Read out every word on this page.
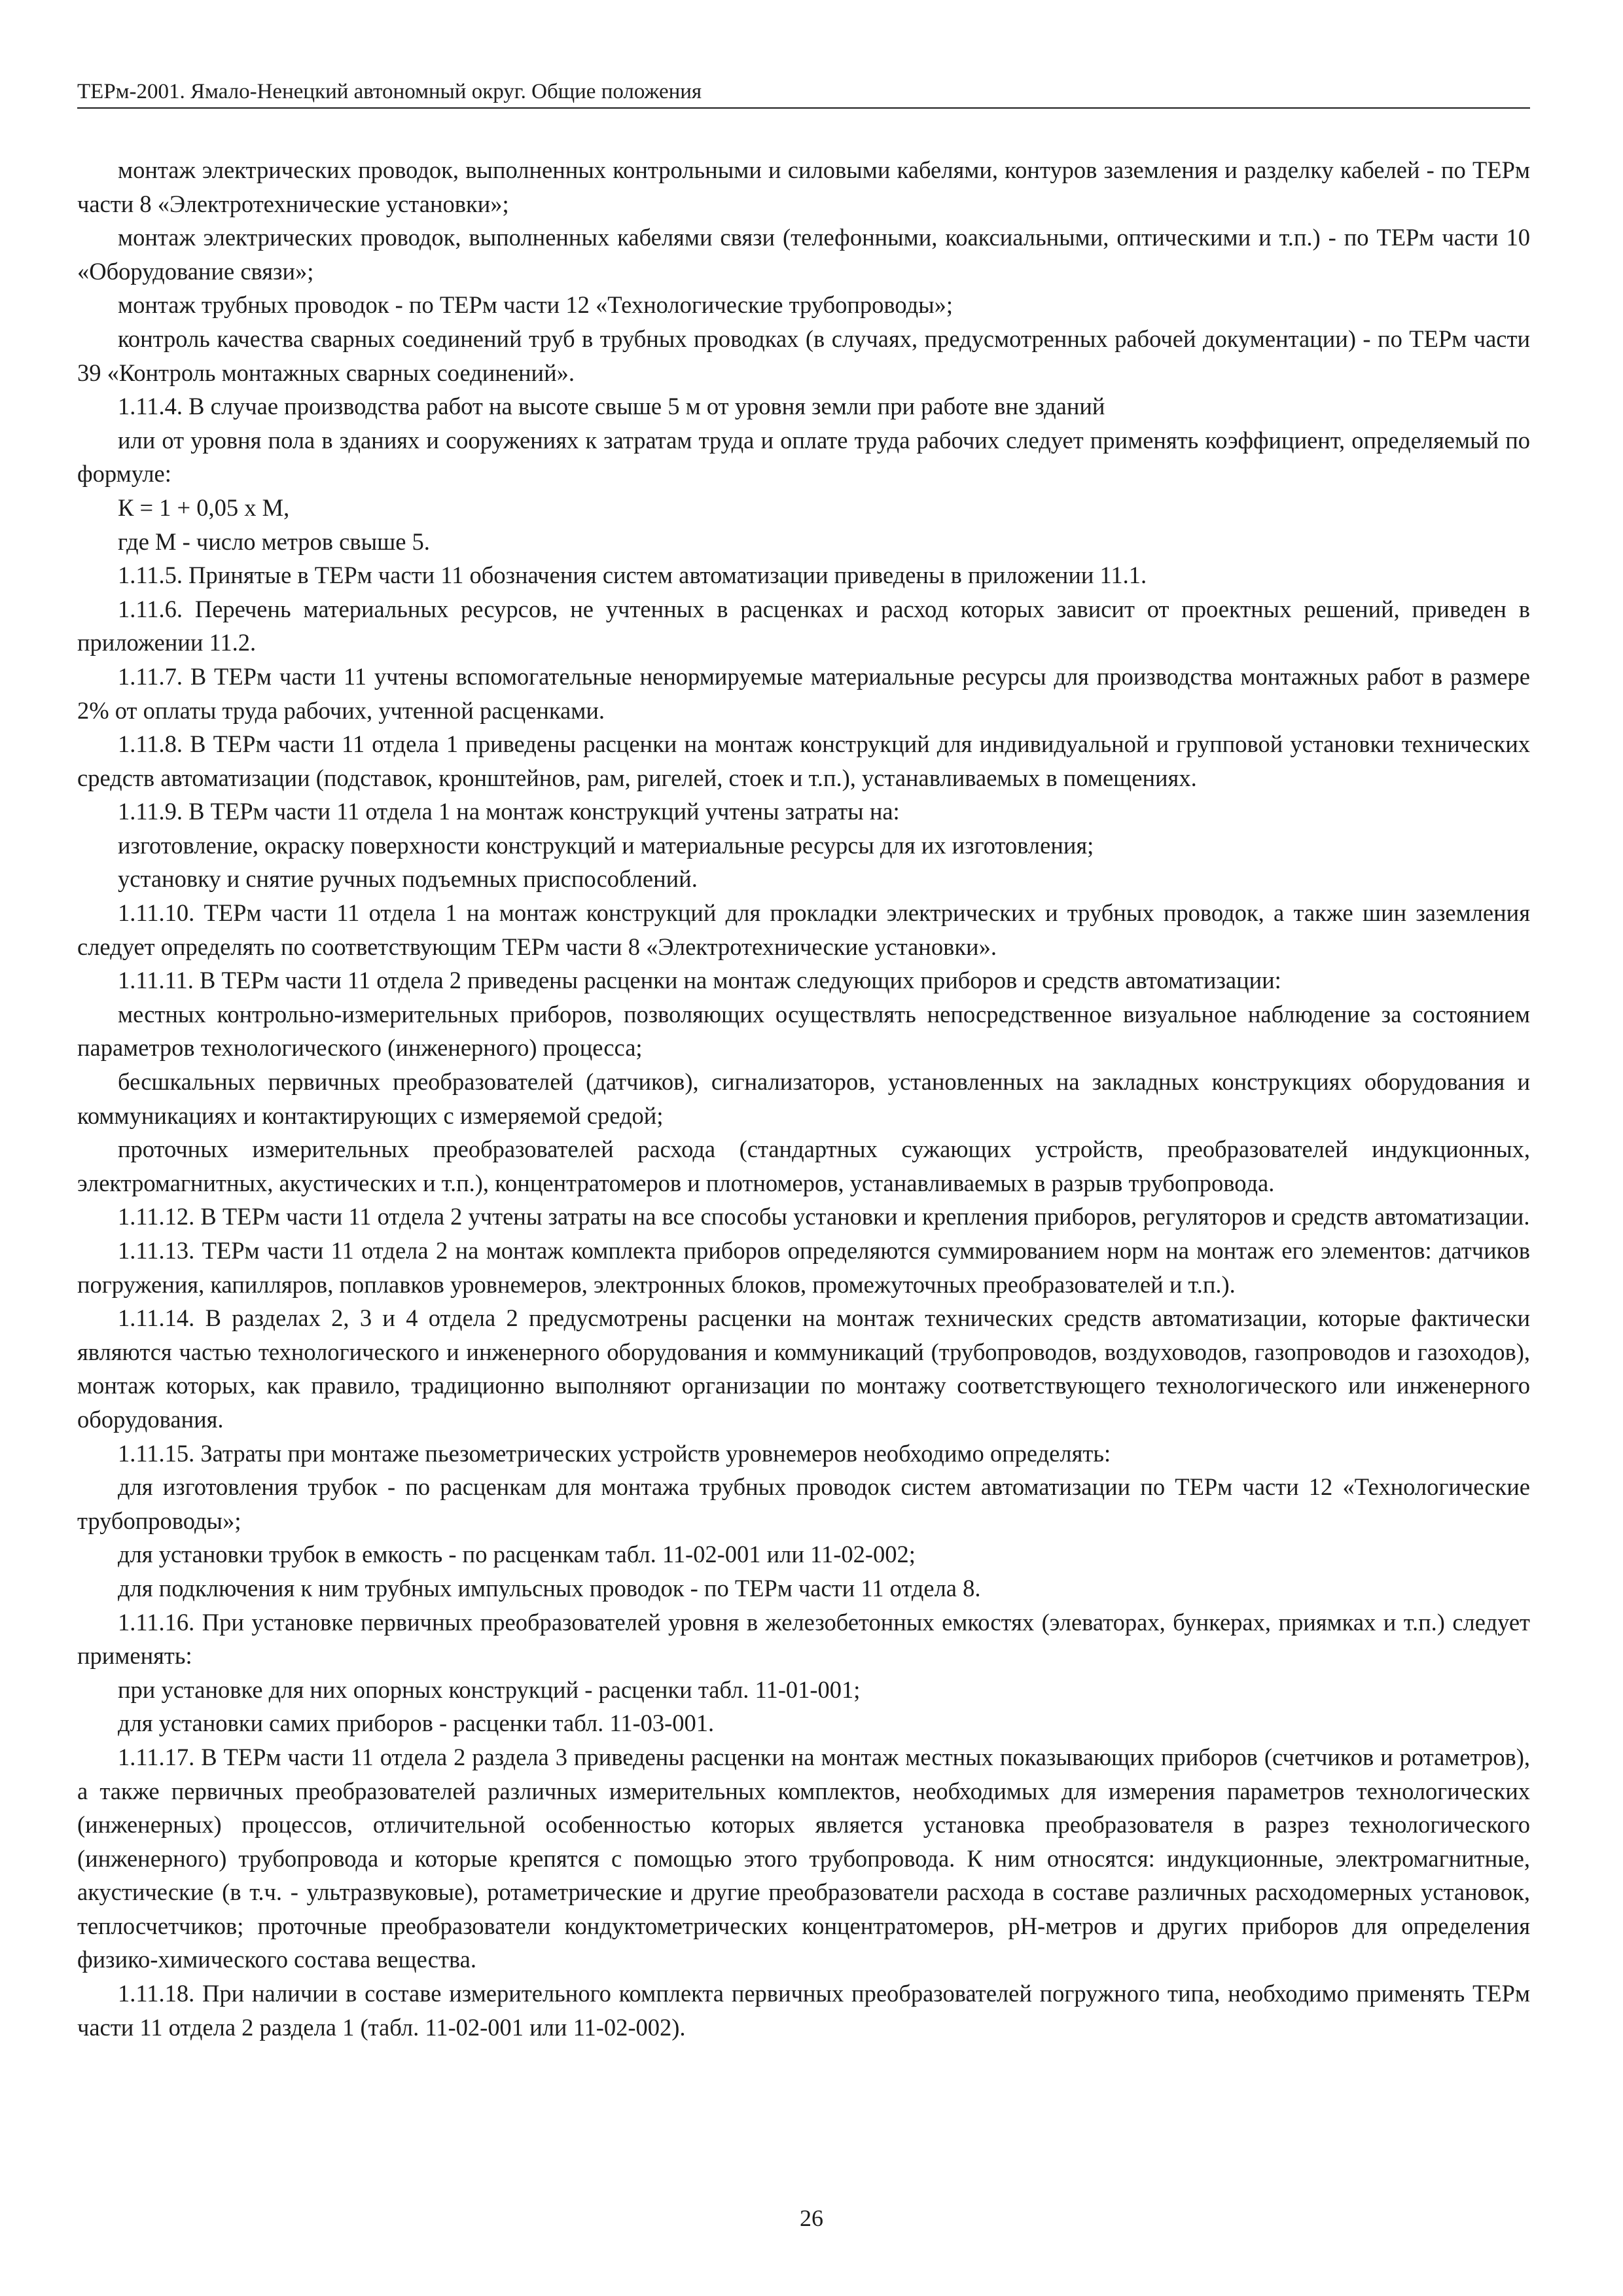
ТЕРм-2001. Ямало-Ненецкий автономный округ. Общие положения

монтаж электрических проводок, выполненных контрольными и силовыми кабелями, контуров заземления и разделку кабелей - по ТЕРм части 8 «Электротехнические установки»;

монтаж электрических проводок, выполненных кабелями связи (телефонными, коаксиальными, оптическими и т.п.) - по ТЕРм части 10 «Оборудование связи»;

монтаж трубных проводок - по ТЕРм части 12 «Технологические трубопроводы»;

контроль качества сварных соединений труб в трубных проводках (в случаях, предусмотренных рабочей документации) - по ТЕРм части 39 «Контроль монтажных сварных соединений».

1.11.4. В случае производства работ на высоте свыше 5 м от уровня земли при работе вне зданий

или от уровня пола в зданиях и сооружениях к затратам труда и оплате труда рабочих следует применять коэффициент, определяемый по формуле:

К = 1 + 0,05 х М,

где М - число метров свыше 5.

1.11.5. Принятые в ТЕРм части 11 обозначения систем автоматизации приведены в приложении 11.1.

1.11.6. Перечень материальных ресурсов, не учтенных в расценках и расход которых зависит от проектных решений, приведен в приложении 11.2.

1.11.7. В ТЕРм части 11 учтены вспомогательные ненормируемые материальные ресурсы для производства монтажных работ в размере 2% от оплаты труда рабочих, учтенной расценками.

1.11.8. В ТЕРм части 11 отдела 1 приведены расценки на монтаж конструкций для индивидуальной и групповой установки технических средств автоматизации (подставок, кронштейнов, рам, ригелей, стоек и т.п.), устанавливаемых в помещениях.

1.11.9. В ТЕРм части 11 отдела 1 на монтаж конструкций учтены затраты на:

изготовление, окраску поверхности конструкций и материальные ресурсы для их изготовления;

установку и снятие ручных подъемных приспособлений.

1.11.10. ТЕРм части 11 отдела 1 на монтаж конструкций для прокладки электрических и трубных проводок, а также шин заземления следует определять по соответствующим ТЕРм части 8 «Электротехнические установки».

1.11.11. В ТЕРм части 11 отдела 2 приведены расценки на монтаж следующих приборов и средств автоматизации:

местных контрольно-измерительных приборов, позволяющих осуществлять непосредственное визуальное наблюдение за состоянием параметров технологического (инженерного) процесса;

бесшкальных первичных преобразователей (датчиков), сигнализаторов, установленных на закладных конструкциях оборудования и коммуникациях и контактирующих с измеряемой средой;

проточных измерительных преобразователей расхода (стандартных сужающих устройств, преобразователей индукционных, электромагнитных, акустических и т.п.), концентратомеров и плотномеров, устанавливаемых в разрыв трубопровода.

1.11.12. В ТЕРм части 11 отдела 2 учтены затраты на все способы установки и крепления приборов, регуляторов и средств автоматизации.

1.11.13. ТЕРм части 11 отдела 2 на монтаж комплекта приборов определяются суммированием норм на монтаж его элементов: датчиков погружения, капилляров, поплавков уровнемеров, электронных блоков, промежуточных преобразователей и т.п.).

1.11.14. В разделах 2, 3 и 4 отдела 2 предусмотрены расценки на монтаж технических средств автоматизации, которые фактически являются частью технологического и инженерного оборудования и коммуникаций (трубопроводов, воздуховодов, газопроводов и газоходов), монтаж которых, как правило, традиционно выполняют организации по монтажу соответствующего технологического или инженерного оборудования.

1.11.15. Затраты при монтаже пьезометрических устройств уровнемеров необходимо определять:

для изготовления трубок - по расценкам для монтажа трубных проводок систем автоматизации по ТЕРм части 12 «Технологические трубопроводы»;

для установки трубок в емкость - по расценкам табл. 11-02-001 или 11-02-002;

для подключения к ним трубных импульсных проводок - по ТЕРм части 11 отдела 8.

1.11.16. При установке первичных преобразователей уровня в железобетонных емкостях (элеваторах, бункерах, приямках и т.п.) следует применять:

при установке для них опорных конструкций - расценки табл. 11-01-001;

для установки самих приборов - расценки табл. 11-03-001.

1.11.17. В ТЕРм части 11 отдела 2 раздела 3 приведены расценки на монтаж местных показывающих приборов (счетчиков и ротаметров), а также первичных преобразователей различных измерительных комплектов, необходимых для измерения параметров технологических (инженерных) процессов, отличительной особенностью которых является установка преобразователя в разрез технологического (инженерного) трубопровода и которые крепятся с помощью этого трубопровода. К ним относятся: индукционные, электромагнитные, акустические (в т.ч. - ультразвуковые), ротаметрические и другие преобразователи расхода в составе различных расходомерных установок, теплосчетчиков; проточные преобразователи кондуктометрических концентратомеров, рН-метров и других приборов для определения физико-химического состава вещества.

1.11.18. При наличии в составе измерительного комплекта первичных преобразователей погружного типа, необходимо применять ТЕРм части 11 отдела 2 раздела 1 (табл. 11-02-001 или 11-02-002).

26
